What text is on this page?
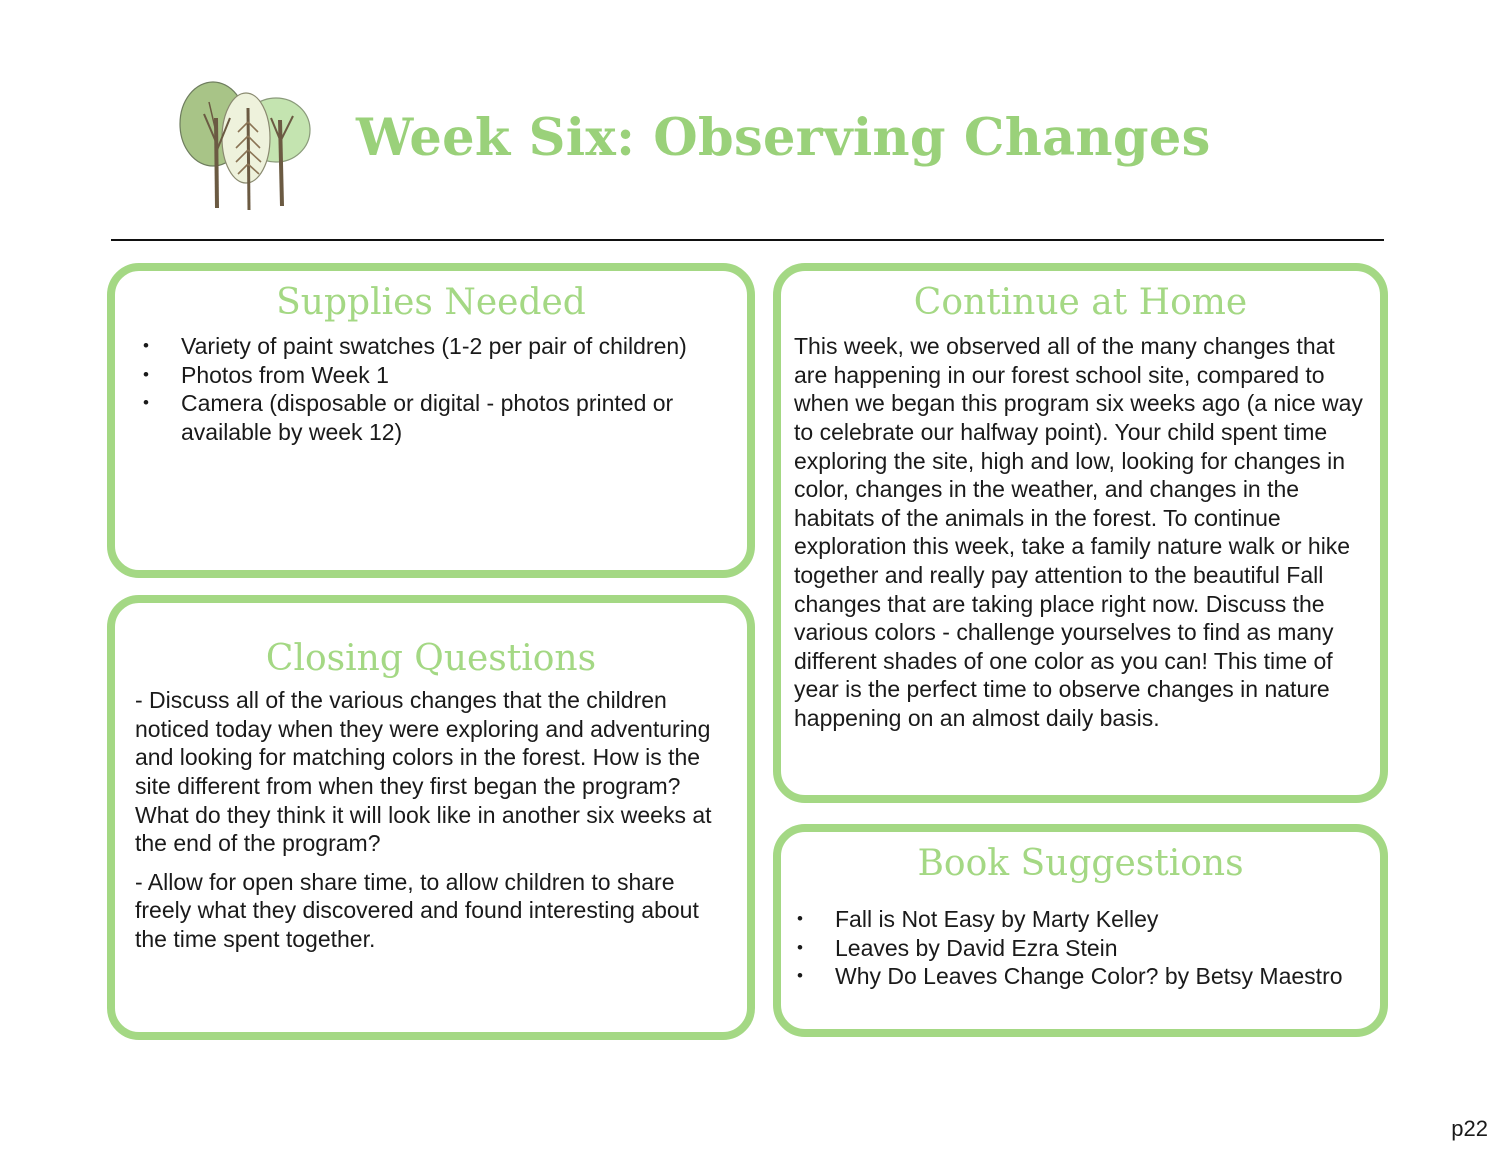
Week Six: Observing Changes
Supplies Needed
• Variety of paint swatches (1-2 per pair of children)
• Photos from Week 1
• Camera (disposable or digital - photos printed or available by week 12)
Closing Questions

- Discuss all of the various changes that the children noticed today when they were exploring and adventuring and looking for matching colors in the forest. How is the site different from when they first began the program? What do they think it will look like in another six weeks at the end of the program?

- Allow for open share time, to allow children to share freely what they discovered and found interesting about the time spent together.

Continue at Home

This week, we observed all of the many changes that are happening in our forest school site, compared to when we began this program six weeks ago (a nice way to celebrate our halfway point). Your child spent time exploring the site, high and low, looking for changes in color, changes in the weather, and changes in the habitats of the animals in the forest. To continue exploration this week, take a family nature walk or hike together and really pay attention to the beautiful Fall changes that are taking place right now. Discuss the various colors - challenge yourselves to find as many different shades of one color as you can! This time of year is the perfect time to observe changes in nature happening on an almost daily basis.

Book Suggestions
• Fall is Not Easy by Marty Kelley
• Leaves by David Ezra Stein
• Why Do Leaves Change Color? by Betsy Maestro
p22
